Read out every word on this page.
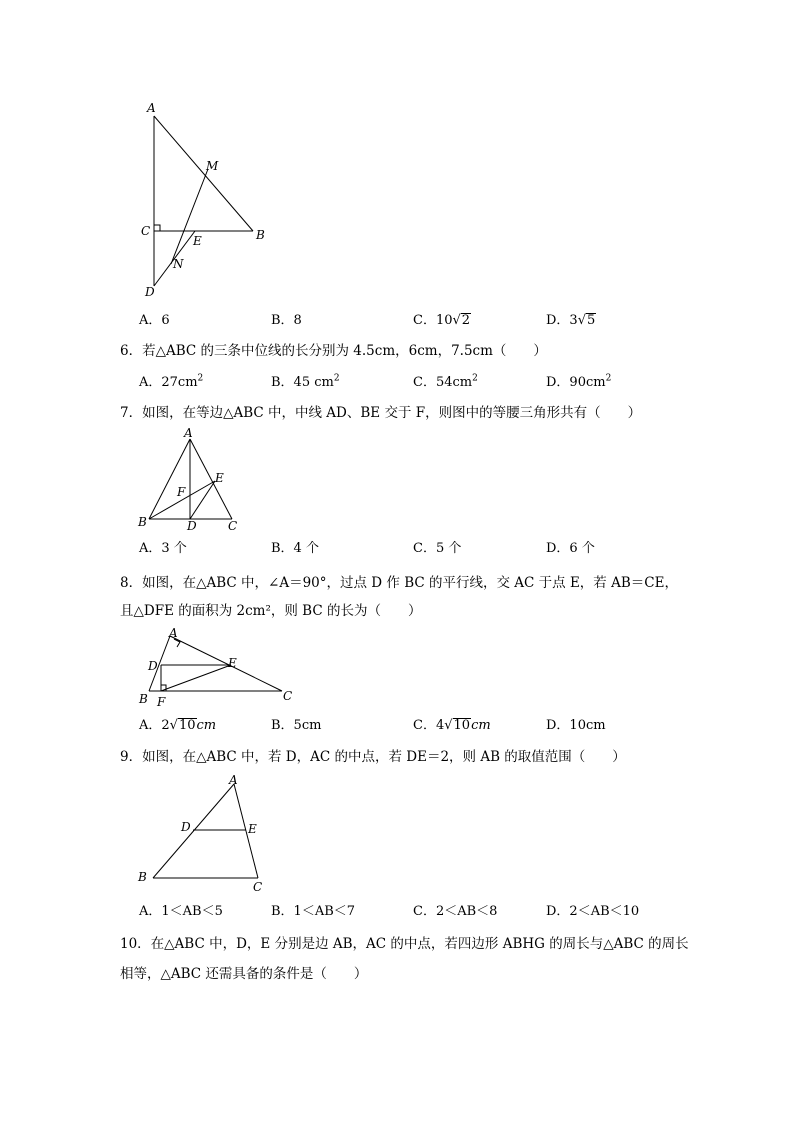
A
M
C
E	B
N
D
A．6	B．8	C．10√2	D．3√5
6．若△ABC 的三条中位线的长分别为 4.5cm，6cm，7.5cm（　　）
A．$27cm^2$	B．45 $cm^2$	C．$54cm^2$	D．$90cm^2$
7．如图，在等边△ABC 中，中线 AD、BE 交于 F，则图中的等腰三角形共有（　　）
A
E
F
B	D	C
A．3 个	B．4 个	C．5 个	D．6 个
8．如图，在△ABC 中，∠A＝90°，过点 D 作 BC 的平行线，交 AC 于点 E，若 AB＝CE，
且△DFE 的面积为 2cm²，则 BC 的长为（　　）
A
D	E
B F	C
A．2√10cm	B．5cm	C．4√10cm	D．10cm
9．如图，在△ABC 中，若 D，AC 的中点，若 DE＝2，则 AB 的取值范围（　　）
A
D	E
B
C
A．1＜AB＜5	B．1＜AB＜7	C．2＜AB＜8	D．2＜AB＜10
10．在△ABC 中，D，E 分别是边 AB，AC 的中点，若四边形 ABHG 的周长与△ABC 的周长
相等，△ABC 还需具备的条件是（　　）
